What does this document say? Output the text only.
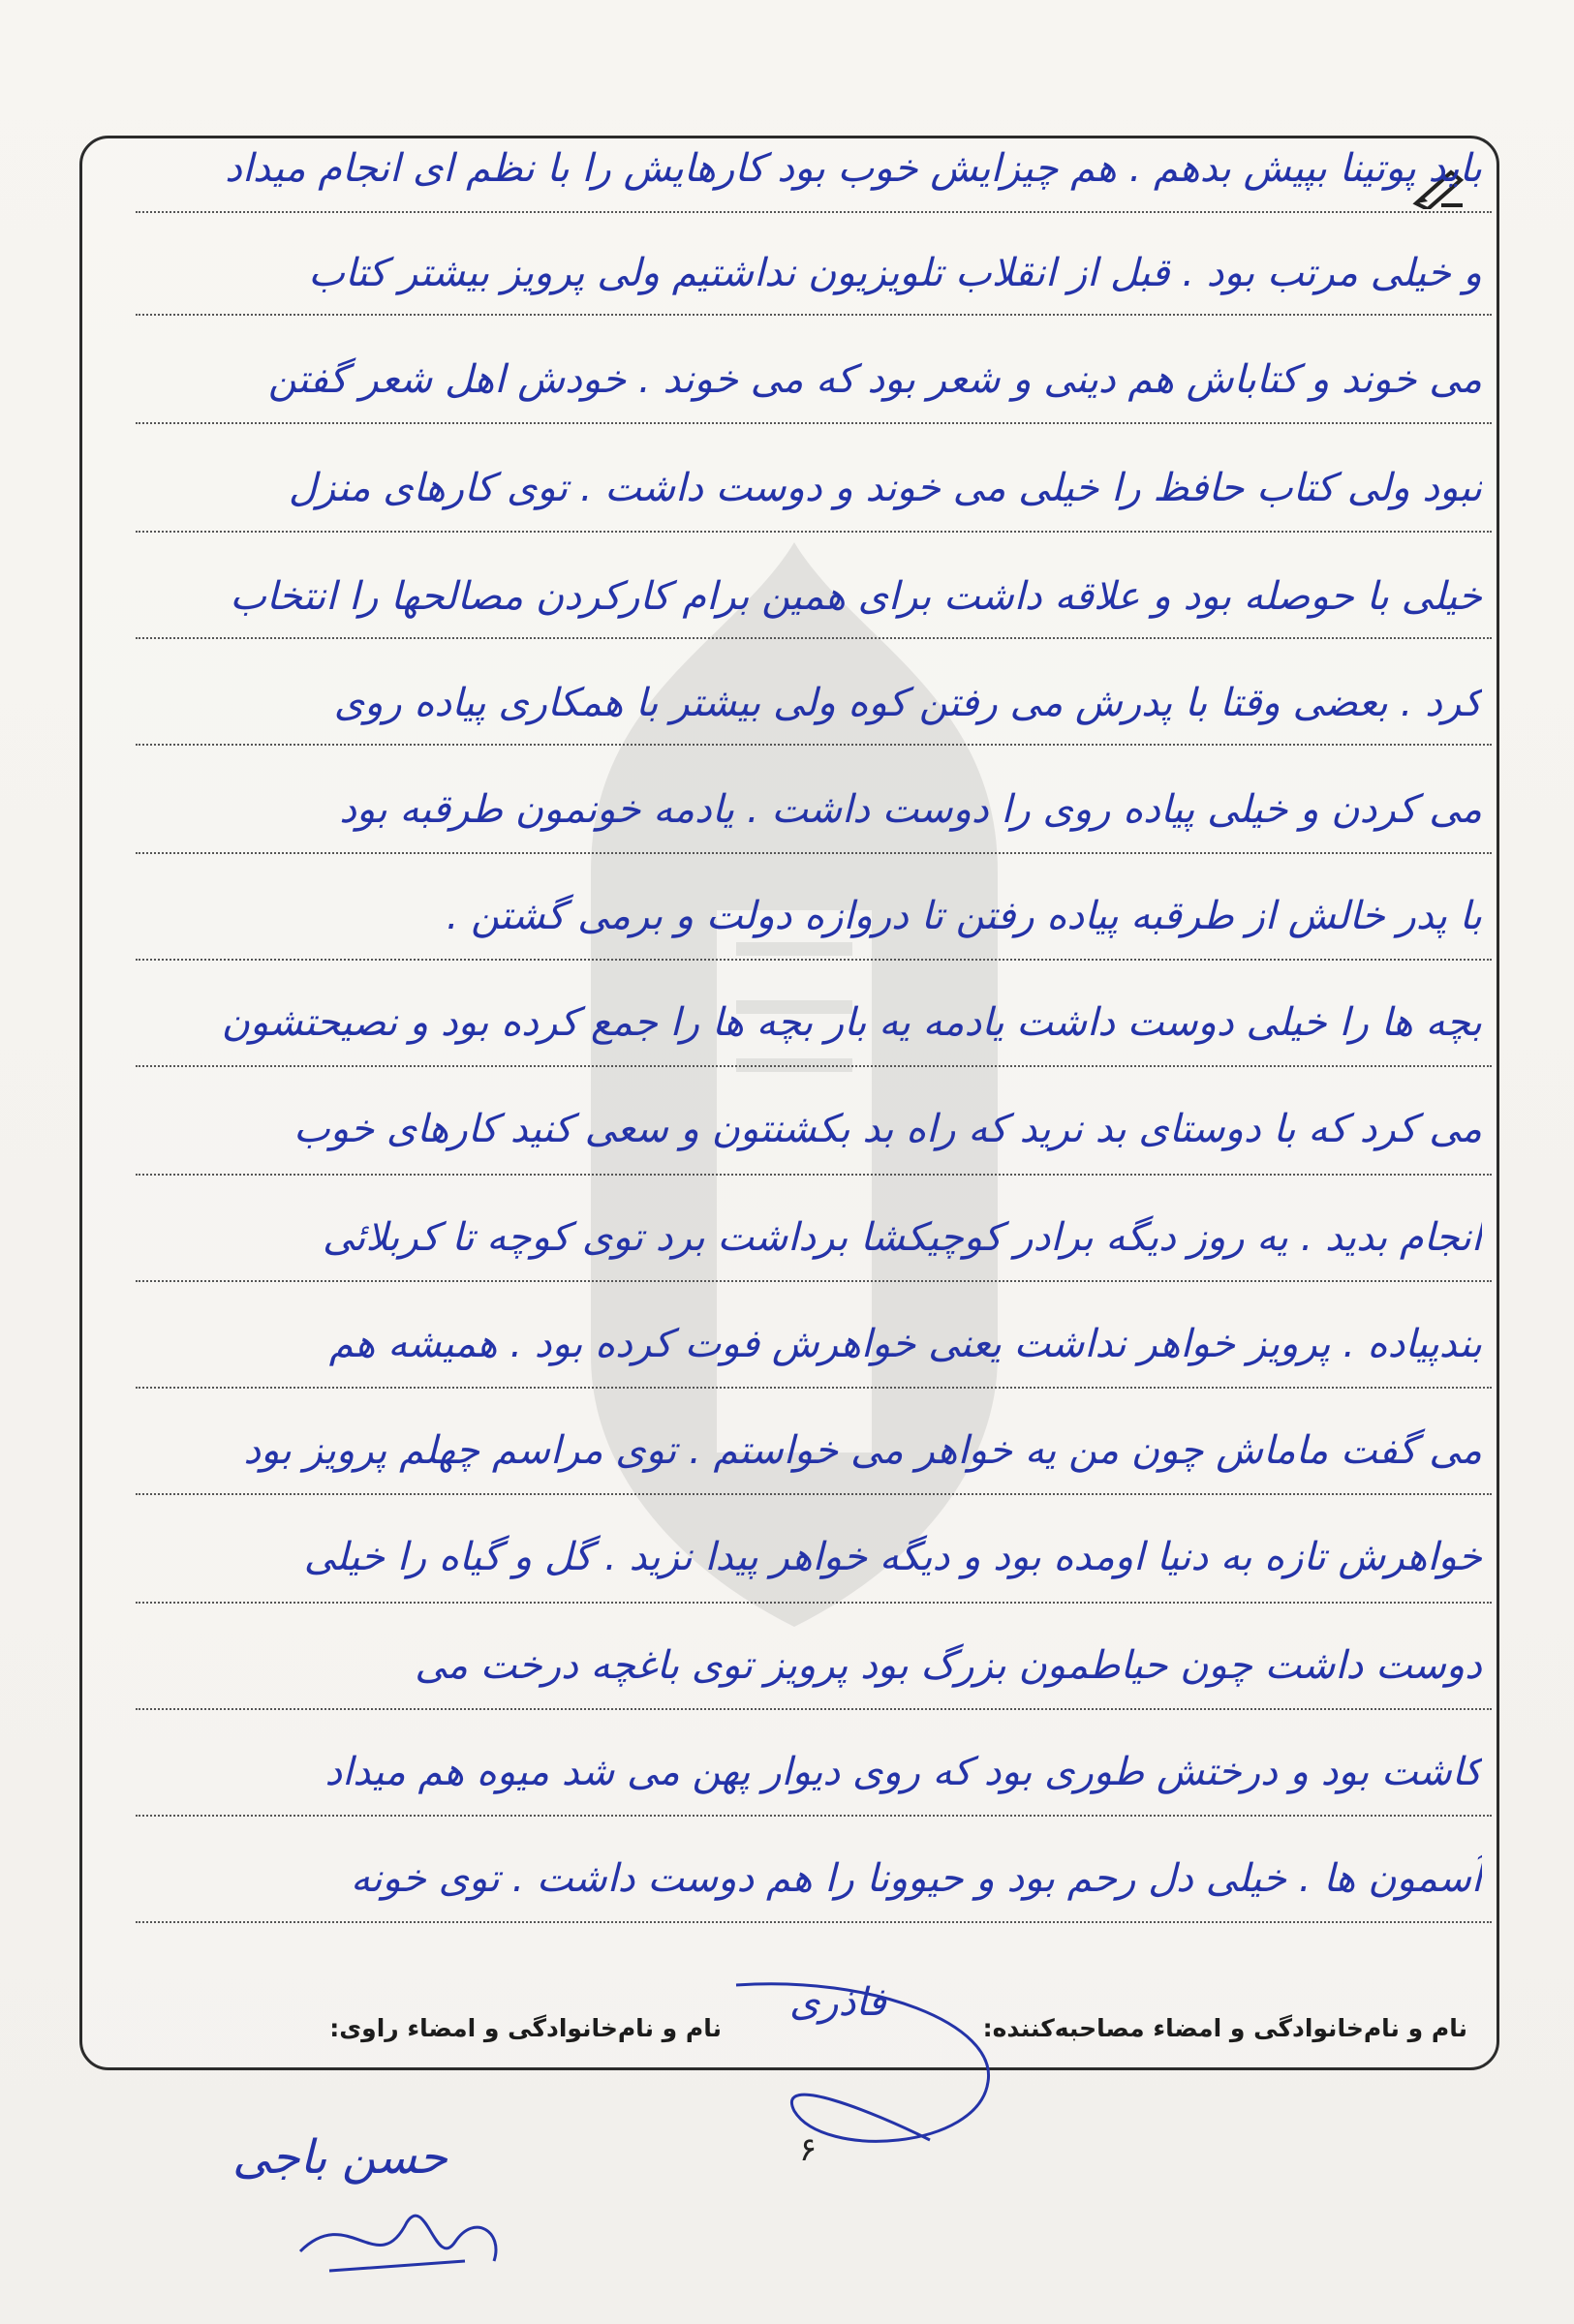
باید پوتینا بپیش بدهم . هم چیزایش خوب بود کارهایش را با نظم ای انجام میداد
و خیلی مرتب بود . قبل از انقلاب تلویزیون نداشتیم ولی پرویز بیشتر کتاب
می خوند و کتاباش هم دینی و شعر بود که می خوند . خودش اهل شعر گفتن
نبود ولی کتاب حافظ را خیلی می خوند و دوست داشت . توی کارهای منزل
خیلی با حوصله بود و علاقه داشت برای همین برام کارکردن مصالحها را انتخاب
کرد . بعضی وقتا با پدرش می رفتن کوه ولی بیشتر با همکاری پیاده روی
می کردن و خیلی پیاده روی را دوست داشت . یادمه خونمون طرقبه بود
با پدر خالش از طرقبه پیاده رفتن تا دروازه دولت و برمی گشتن .
بچه ها را خیلی دوست داشت یادمه یه بار بچه ها را جمع کرده بود و نصیحتشون
می کرد که با دوستای بد نرید که راه بد بکشنتون و سعی کنید کارهای خوب
انجام بدید . یه روز دیگه برادر کوچیکشا برداشت برد توی کوچه تا کربلائی
بندپیاده . پرویز خواهر نداشت یعنی خواهرش فوت کرده بود . همیشه هم
می گفت ماماش چون من یه خواهر می خواستم . توی مراسم چهلم پرویز بود
خواهرش تازه به دنیا اومده بود و دیگه خواهر پیدا نزید . گل و گیاه را خیلی
دوست داشت چون حیاطمون بزرگ بود پرویز توی باغچه درخت می
کاشت بود و درختش طوری بود که روی دیوار پهن می شد میوه هم میداد
آسمون ها . خیلی دل رحم بود و حیوونا را هم دوست داشت . توی خونه
نام و نام‌خانوادگی و امضاء مصاحبه‌کننده:
فاذری
نام و نام‌خانوادگی و امضاء راوی:
۶
حسن باجی
